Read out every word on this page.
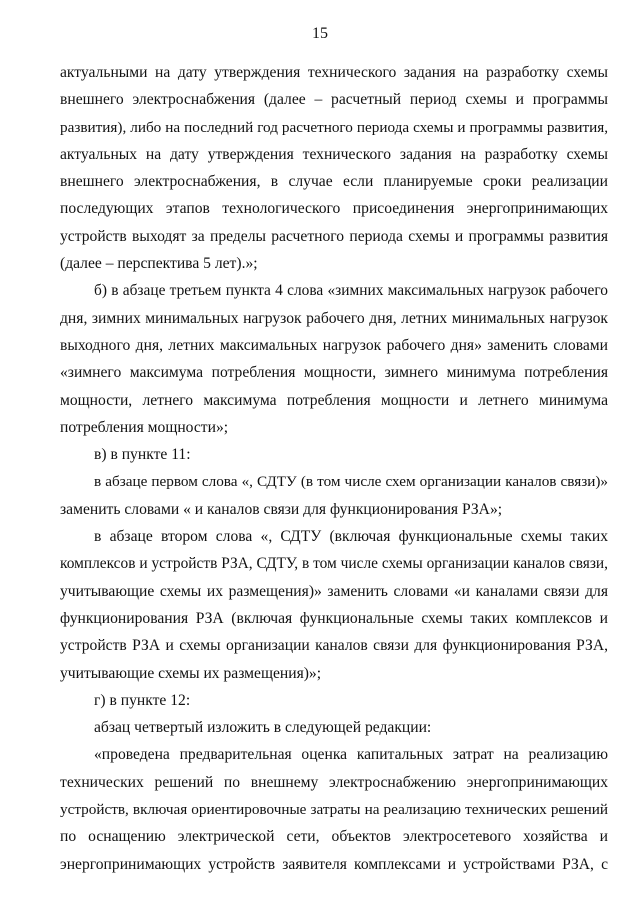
15
актуальными на дату утверждения технического задания на разработку схемы
внешнего электроснабжения (далее – расчетный период схемы и программы
развития), либо на последний год расчетного периода схемы и программы развития,
актуальных на дату утверждения технического задания на разработку схемы
внешнего электроснабжения, в случае если планируемые сроки реализации
последующих этапов технологического присоединения энергопринимающих
устройств выходят за пределы расчетного периода схемы и программы развития
(далее – перспектива 5 лет).»;
б) в абзаце третьем пункта 4 слова «зимних максимальных нагрузок рабочего
дня, зимних минимальных нагрузок рабочего дня, летних минимальных нагрузок
выходного дня, летних максимальных нагрузок рабочего дня» заменить словами
«зимнего максимума потребления мощности, зимнего минимума потребления
мощности, летнего максимума потребления мощности и летнего минимума
потребления мощности»;
в) в пункте 11:
в абзаце первом слова «, СДТУ (в том числе схем организации каналов связи)»
заменить словами « и каналов связи для функционирования РЗА»;
в абзаце втором слова «, СДТУ (включая функциональные схемы таких
комплексов и устройств РЗА, СДТУ, в том числе схемы организации каналов связи,
учитывающие схемы их размещения)» заменить словами «и каналами связи для
функционирования РЗА (включая функциональные схемы таких комплексов и
устройств РЗА и схемы организации каналов связи для функционирования РЗА,
учитывающие схемы их размещения)»;
г) в пункте 12:
абзац четвертый изложить в следующей редакции:
«проведена предварительная оценка капитальных затрат на реализацию
технических решений по внешнему электроснабжению энергопринимающих
устройств, включая ориентировочные затраты на реализацию технических решений
по оснащению электрической сети, объектов электросетевого хозяйства и
энергопринимающих устройств заявителя комплексами и устройствами РЗА, с
